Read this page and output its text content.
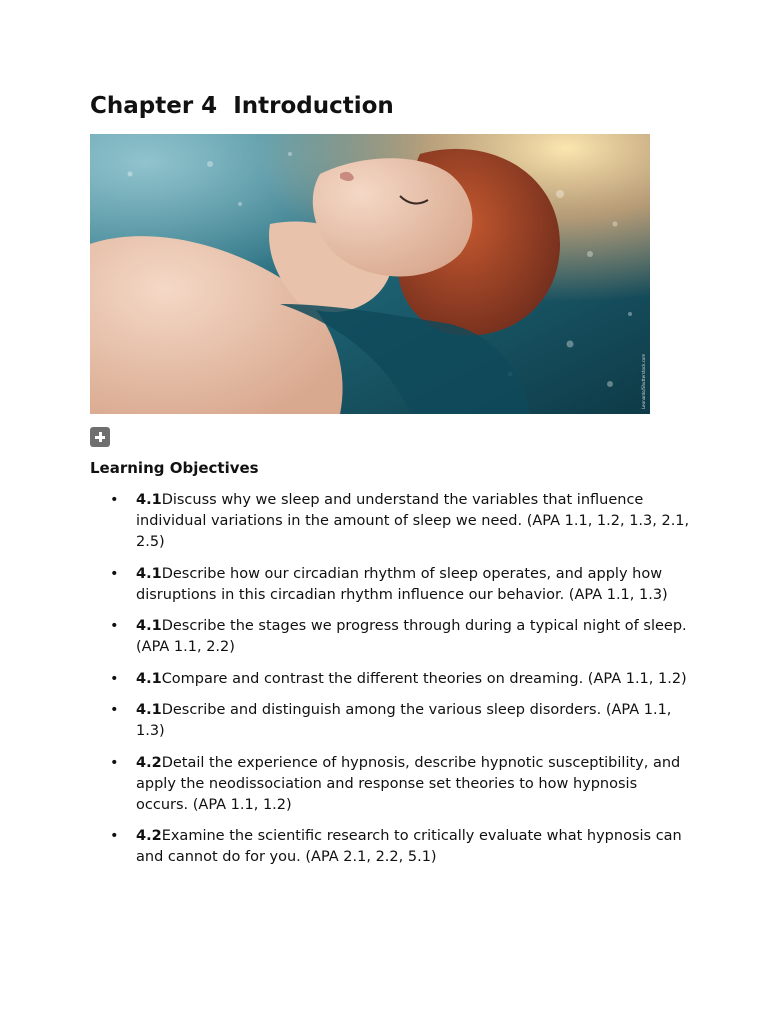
Chapter 4  Introduction
Leonardo/Shutterstock.com
Learning Objectives
• 4.1Discuss why we sleep and understand the variables that influence individual variations in the amount of sleep we need. (APA 1.1, 1.2, 1.3, 2.1, 2.5)
• 4.1Describe how our circadian rhythm of sleep operates, and apply how disruptions in this circadian rhythm influence our behavior. (APA 1.1, 1.3)
• 4.1Describe the stages we progress through during a typical night of sleep. (APA 1.1, 2.2)
• 4.1Compare and contrast the different theories on dreaming. (APA 1.1, 1.2)
• 4.1Describe and distinguish among the various sleep disorders. (APA 1.1, 1.3)
• 4.2Detail the experience of hypnosis, describe hypnotic susceptibility, and apply the neodissociation and response set theories to how hypnosis occurs. (APA 1.1, 1.2)
• 4.2Examine the scientific research to critically evaluate what hypnosis can and cannot do for you. (APA 2.1, 2.2, 5.1)
